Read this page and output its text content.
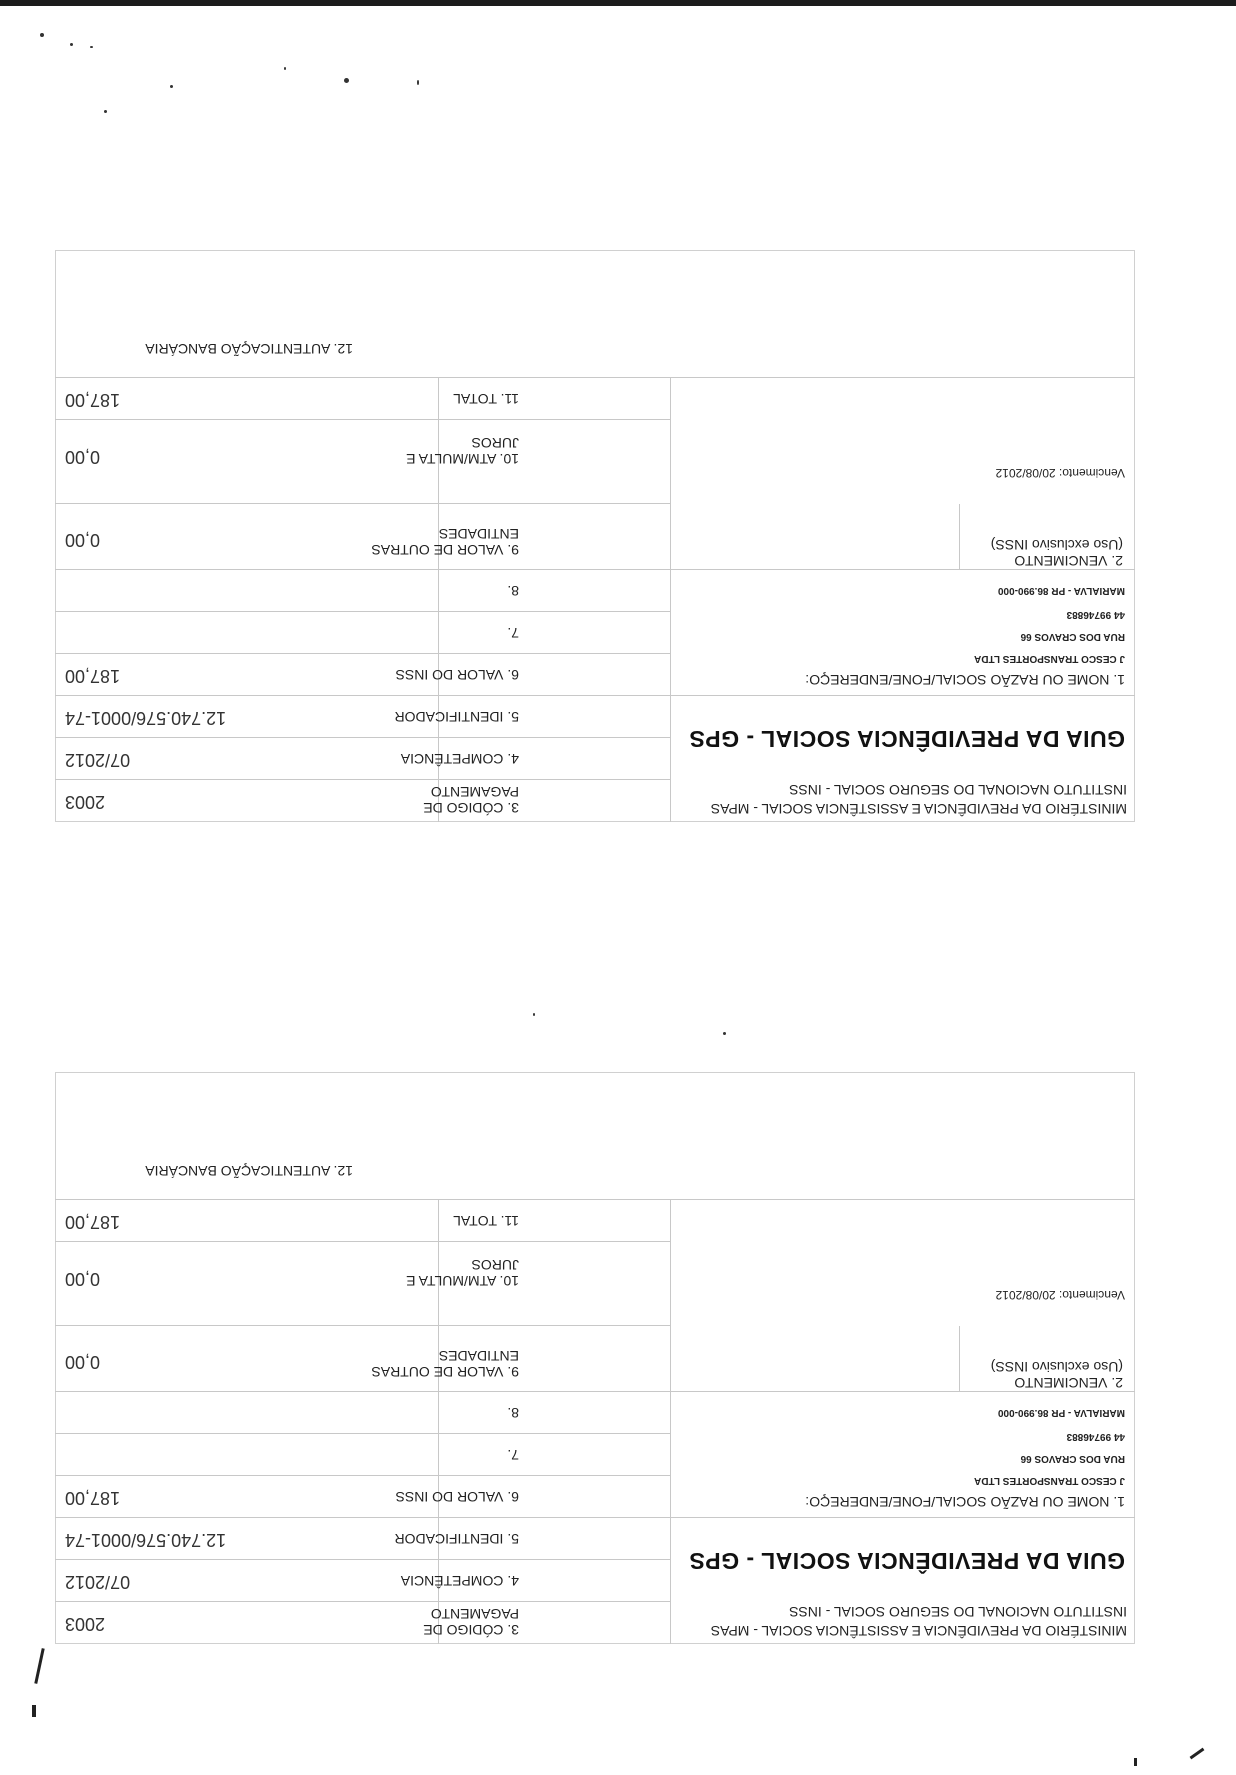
MINISTÉRIO DA PREVIDÊNCIA E ASSISTÊNCIA SOCIAL - MPAS
INSTITUTO NACIONAL DO SEGURO SOCIAL - INSS
GUIA DA PREVIDÊNCIA SOCIAL - GPS
1. NOME OU RAZÃO SOCIAL/FONE/ENDEREÇO:
J CESCO TRANSPORTES LTDA
RUA DOS CRAVOS 66
44 99746883
MARIALVA - PR 86.990-000
2. VENCIMENTO
(Uso exclusivo INSS)
Vencimento: 20/08/2012
3. CÓDIGO DE
PAGAMENTO
2003
4. COMPETÊNCIA
07/2012
5. IDENTIFICADOR
12.740.576/0001-74
6. VALOR DO INSS
187,00
7.
8.
9. VALOR DE OUTRAS
ENTIDADES
0,00
10. ATM/MULTA E
JUROS
0,00
11. TOTAL
187,00
12. AUTENTICAÇÃO BANCÁRIA
MINISTÉRIO DA PREVIDÊNCIA E ASSISTÊNCIA SOCIAL - MPAS
INSTITUTO NACIONAL DO SEGURO SOCIAL - INSS
GUIA DA PREVIDÊNCIA SOCIAL - GPS
1. NOME OU RAZÃO SOCIAL/FONE/ENDEREÇO:
J CESCO TRANSPORTES LTDA
RUA DOS CRAVOS 66
44 99746883
MARIALVA - PR 86.990-000
2. VENCIMENTO
(Uso exclusivo INSS)
Vencimento: 20/08/2012
3. CÓDIGO DE
PAGAMENTO
2003
4. COMPETÊNCIA
07/2012
5. IDENTIFICADOR
12.740.576/0001-74
6. VALOR DO INSS
187,00
7.
8.
9. VALOR DE OUTRAS
ENTIDADES
0,00
10. ATM/MULTA E
JUROS
0,00
11. TOTAL
187,00
12. AUTENTICAÇÃO BANCÁRIA
